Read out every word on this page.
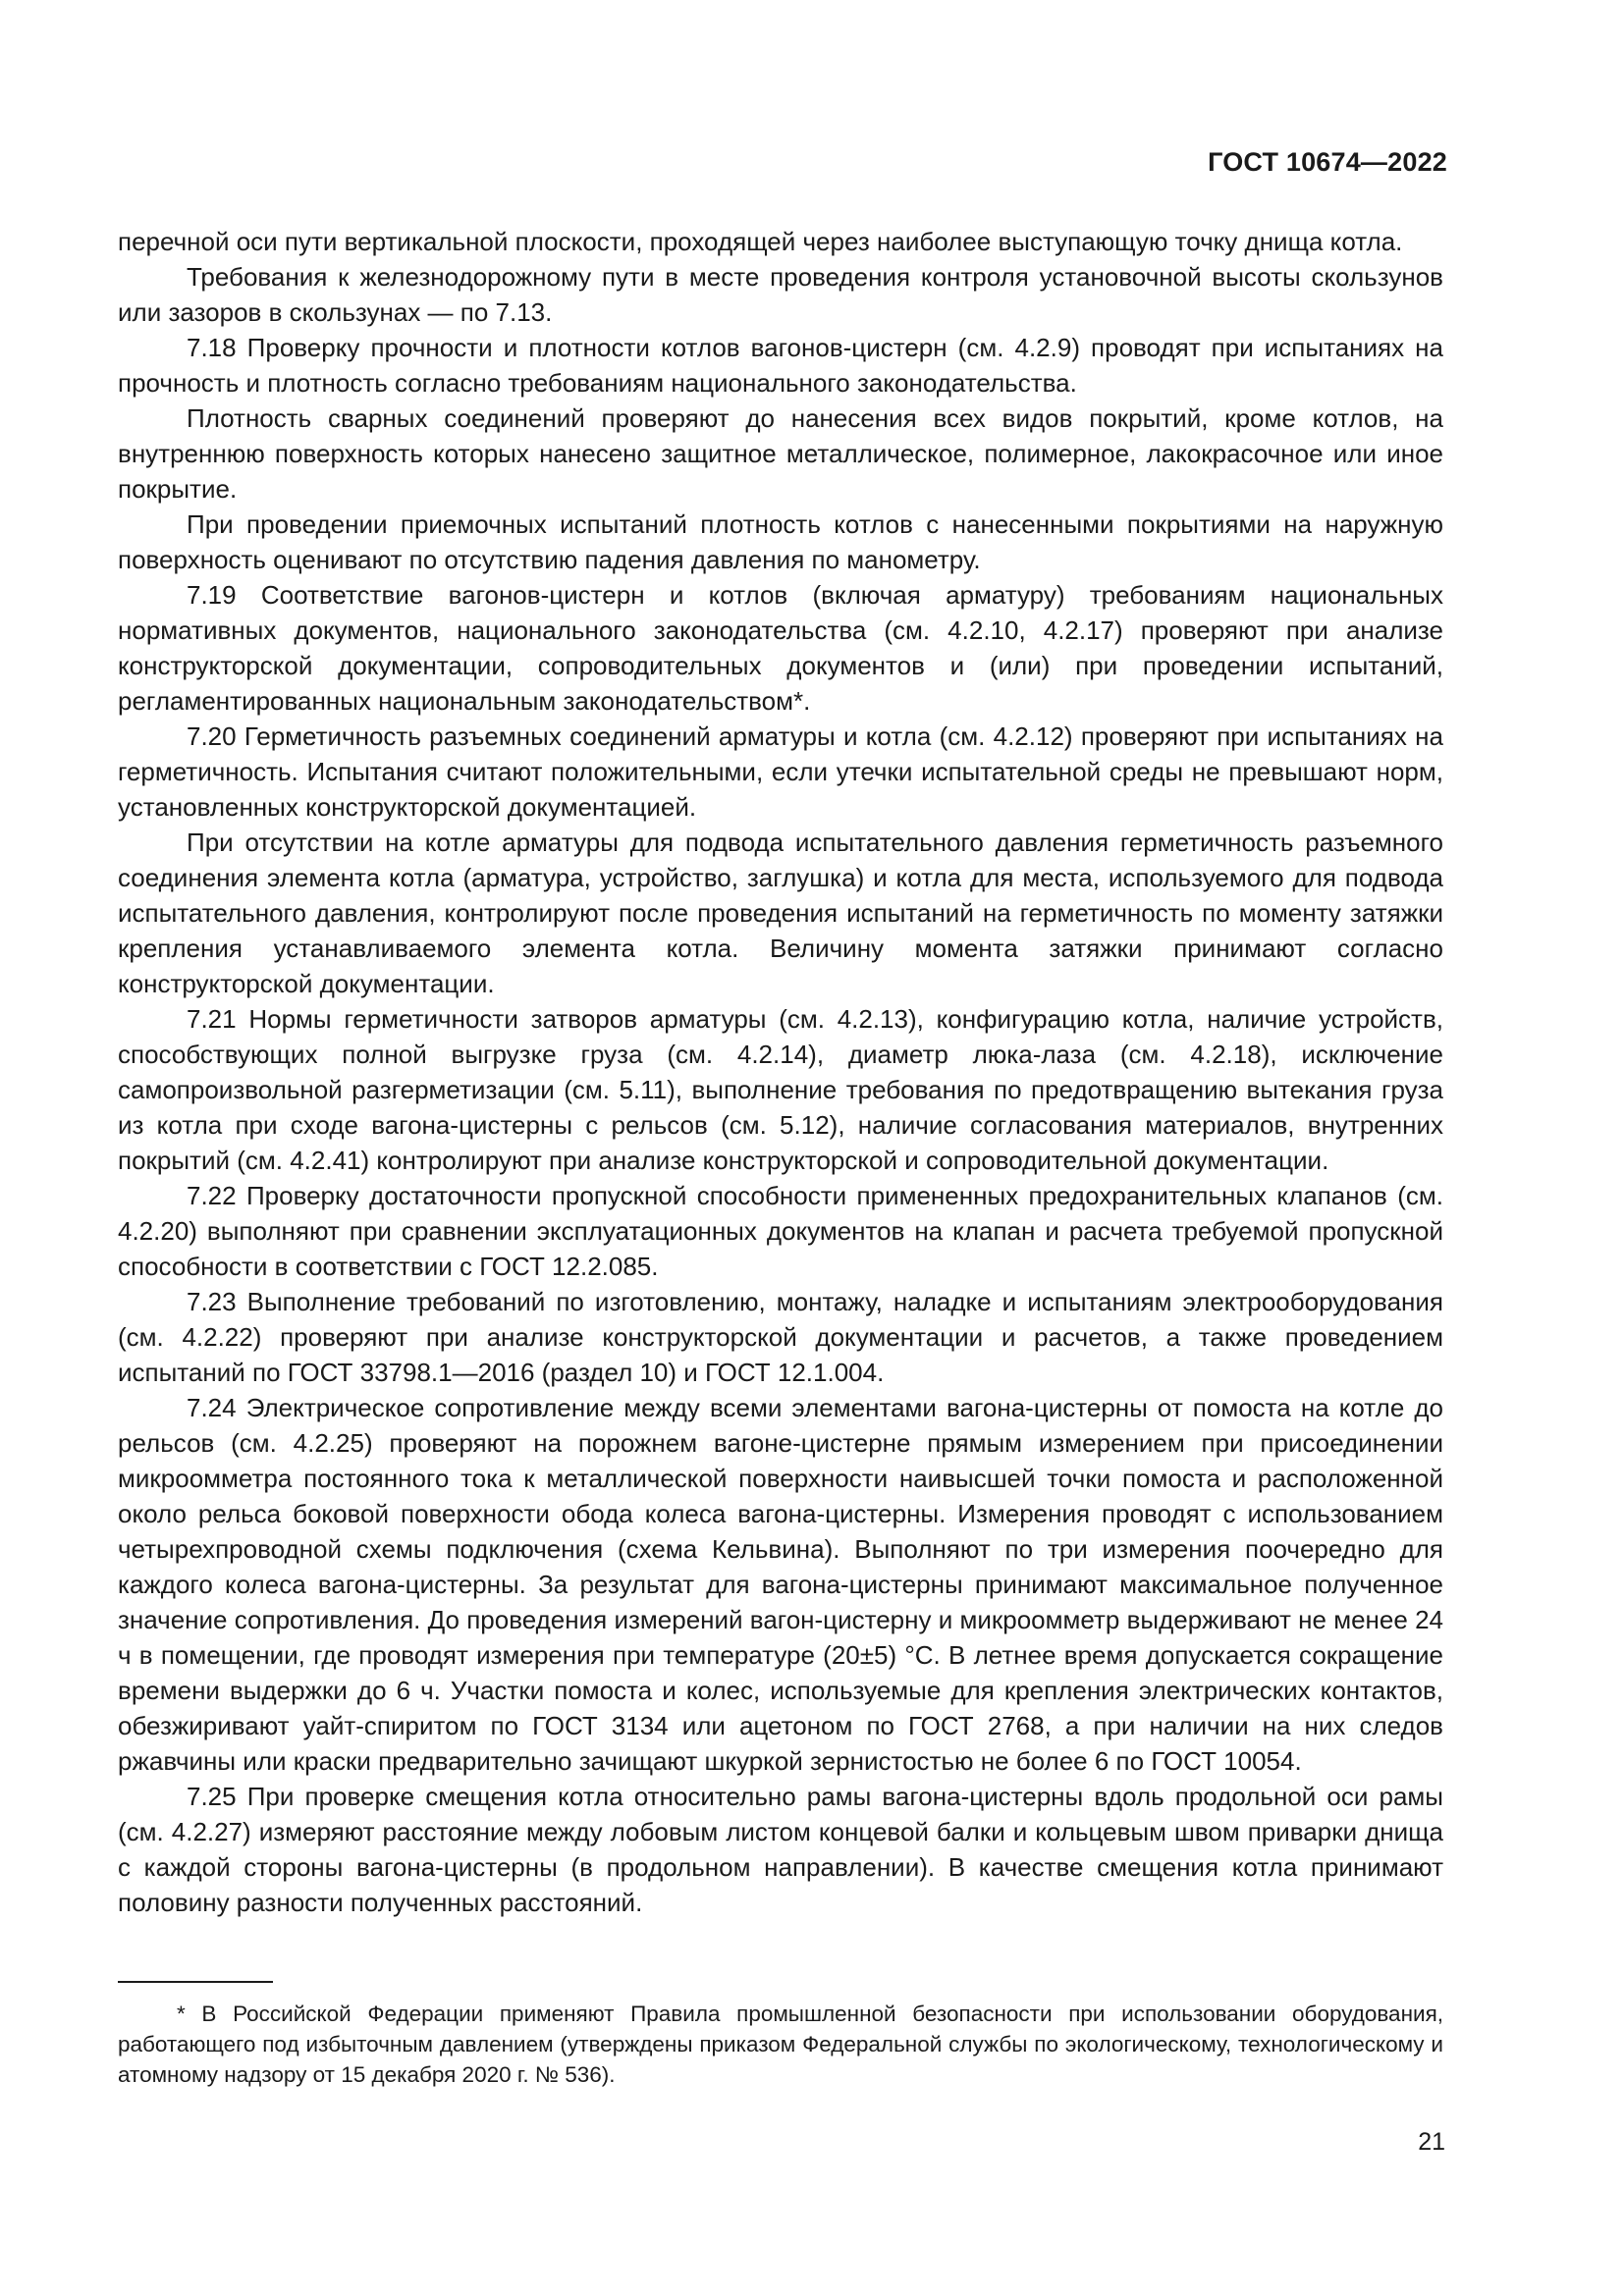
ГОСТ 10674—2022

перечной оси пути вертикальной плоскости, проходящей через наиболее выступающую точку днища котла.

Требования к железнодорожному пути в месте проведения контроля установочной высоты скользунов или зазоров в скользунах — по 7.13.

7.18 Проверку прочности и плотности котлов вагонов-цистерн (см. 4.2.9) проводят при испытаниях на прочность и плотность согласно требованиям национального законодательства.

Плотность сварных соединений проверяют до нанесения всех видов покрытий, кроме котлов, на внутреннюю поверхность которых нанесено защитное металлическое, полимерное, лакокрасочное или иное покрытие.

При проведении приемочных испытаний плотность котлов с нанесенными покрытиями на наружную поверхность оценивают по отсутствию падения давления по манометру.

7.19 Соответствие вагонов-цистерн и котлов (включая арматуру) требованиям национальных нормативных документов, национального законодательства (см. 4.2.10, 4.2.17) проверяют при анализе конструкторской документации, сопроводительных документов и (или) при проведении испытаний, регламентированных национальным законодательством*.

7.20 Герметичность разъемных соединений арматуры и котла (см. 4.2.12) проверяют при испытаниях на герметичность. Испытания считают положительными, если утечки испытательной среды не превышают норм, установленных конструкторской документацией.

При отсутствии на котле арматуры для подвода испытательного давления герметичность разъемного соединения элемента котла (арматура, устройство, заглушка) и котла для места, используемого для подвода испытательного давления, контролируют после проведения испытаний на герметичность по моменту затяжки крепления устанавливаемого элемента котла. Величину момента затяжки принимают согласно конструкторской документации.

7.21 Нормы герметичности затворов арматуры (см. 4.2.13), конфигурацию котла, наличие устройств, способствующих полной выгрузке груза (см. 4.2.14), диаметр люка-лаза (см. 4.2.18), исключение самопроизвольной разгерметизации (см. 5.11), выполнение требования по предотвращению вытекания груза из котла при сходе вагона-цистерны с рельсов (см. 5.12), наличие согласования материалов, внутренних покрытий (см. 4.2.41) контролируют при анализе конструкторской и сопроводительной документации.

7.22 Проверку достаточности пропускной способности примененных предохранительных клапанов (см. 4.2.20) выполняют при сравнении эксплуатационных документов на клапан и расчета требуемой пропускной способности в соответствии с ГОСТ 12.2.085.

7.23 Выполнение требований по изготовлению, монтажу, наладке и испытаниям электрооборудования (см. 4.2.22) проверяют при анализе конструкторской документации и расчетов, а также проведением испытаний по ГОСТ 33798.1—2016 (раздел 10) и ГОСТ 12.1.004.

7.24 Электрическое сопротивление между всеми элементами вагона-цистерны от помоста на котле до рельсов (см. 4.2.25) проверяют на порожнем вагоне-цистерне прямым измерением при присоединении микроомметра постоянного тока к металлической поверхности наивысшей точки помоста и расположенной около рельса боковой поверхности обода колеса вагона-цистерны. Измерения проводят с использованием четырехпроводной схемы подключения (схема Кельвина). Выполняют по три измерения поочередно для каждого колеса вагона-цистерны. За результат для вагона-цистерны принимают максимальное полученное значение сопротивления. До проведения измерений вагон-цистерну и микроомметр выдерживают не менее 24 ч в помещении, где проводят измерения при температуре (20±5) °C. В летнее время допускается сокращение времени выдержки до 6 ч. Участки помоста и колес, используемые для крепления электрических контактов, обезжиривают уайт-спиритом по ГОСТ 3134 или ацетоном по ГОСТ 2768, а при наличии на них следов ржавчины или краски предварительно зачищают шкуркой зернистостью не более 6 по ГОСТ 10054.

7.25 При проверке смещения котла относительно рамы вагона-цистерны вдоль продольной оси рамы (см. 4.2.27) измеряют расстояние между лобовым листом концевой балки и кольцевым швом приварки днища с каждой стороны вагона-цистерны (в продольном направлении). В качестве смещения котла принимают половину разности полученных расстояний.

* В Российской Федерации применяют Правила промышленной безопасности при использовании оборудования, работающего под избыточным давлением (утверждены приказом Федеральной службы по экологическому, технологическому и атомному надзору от 15 декабря 2020 г. № 536).

21
